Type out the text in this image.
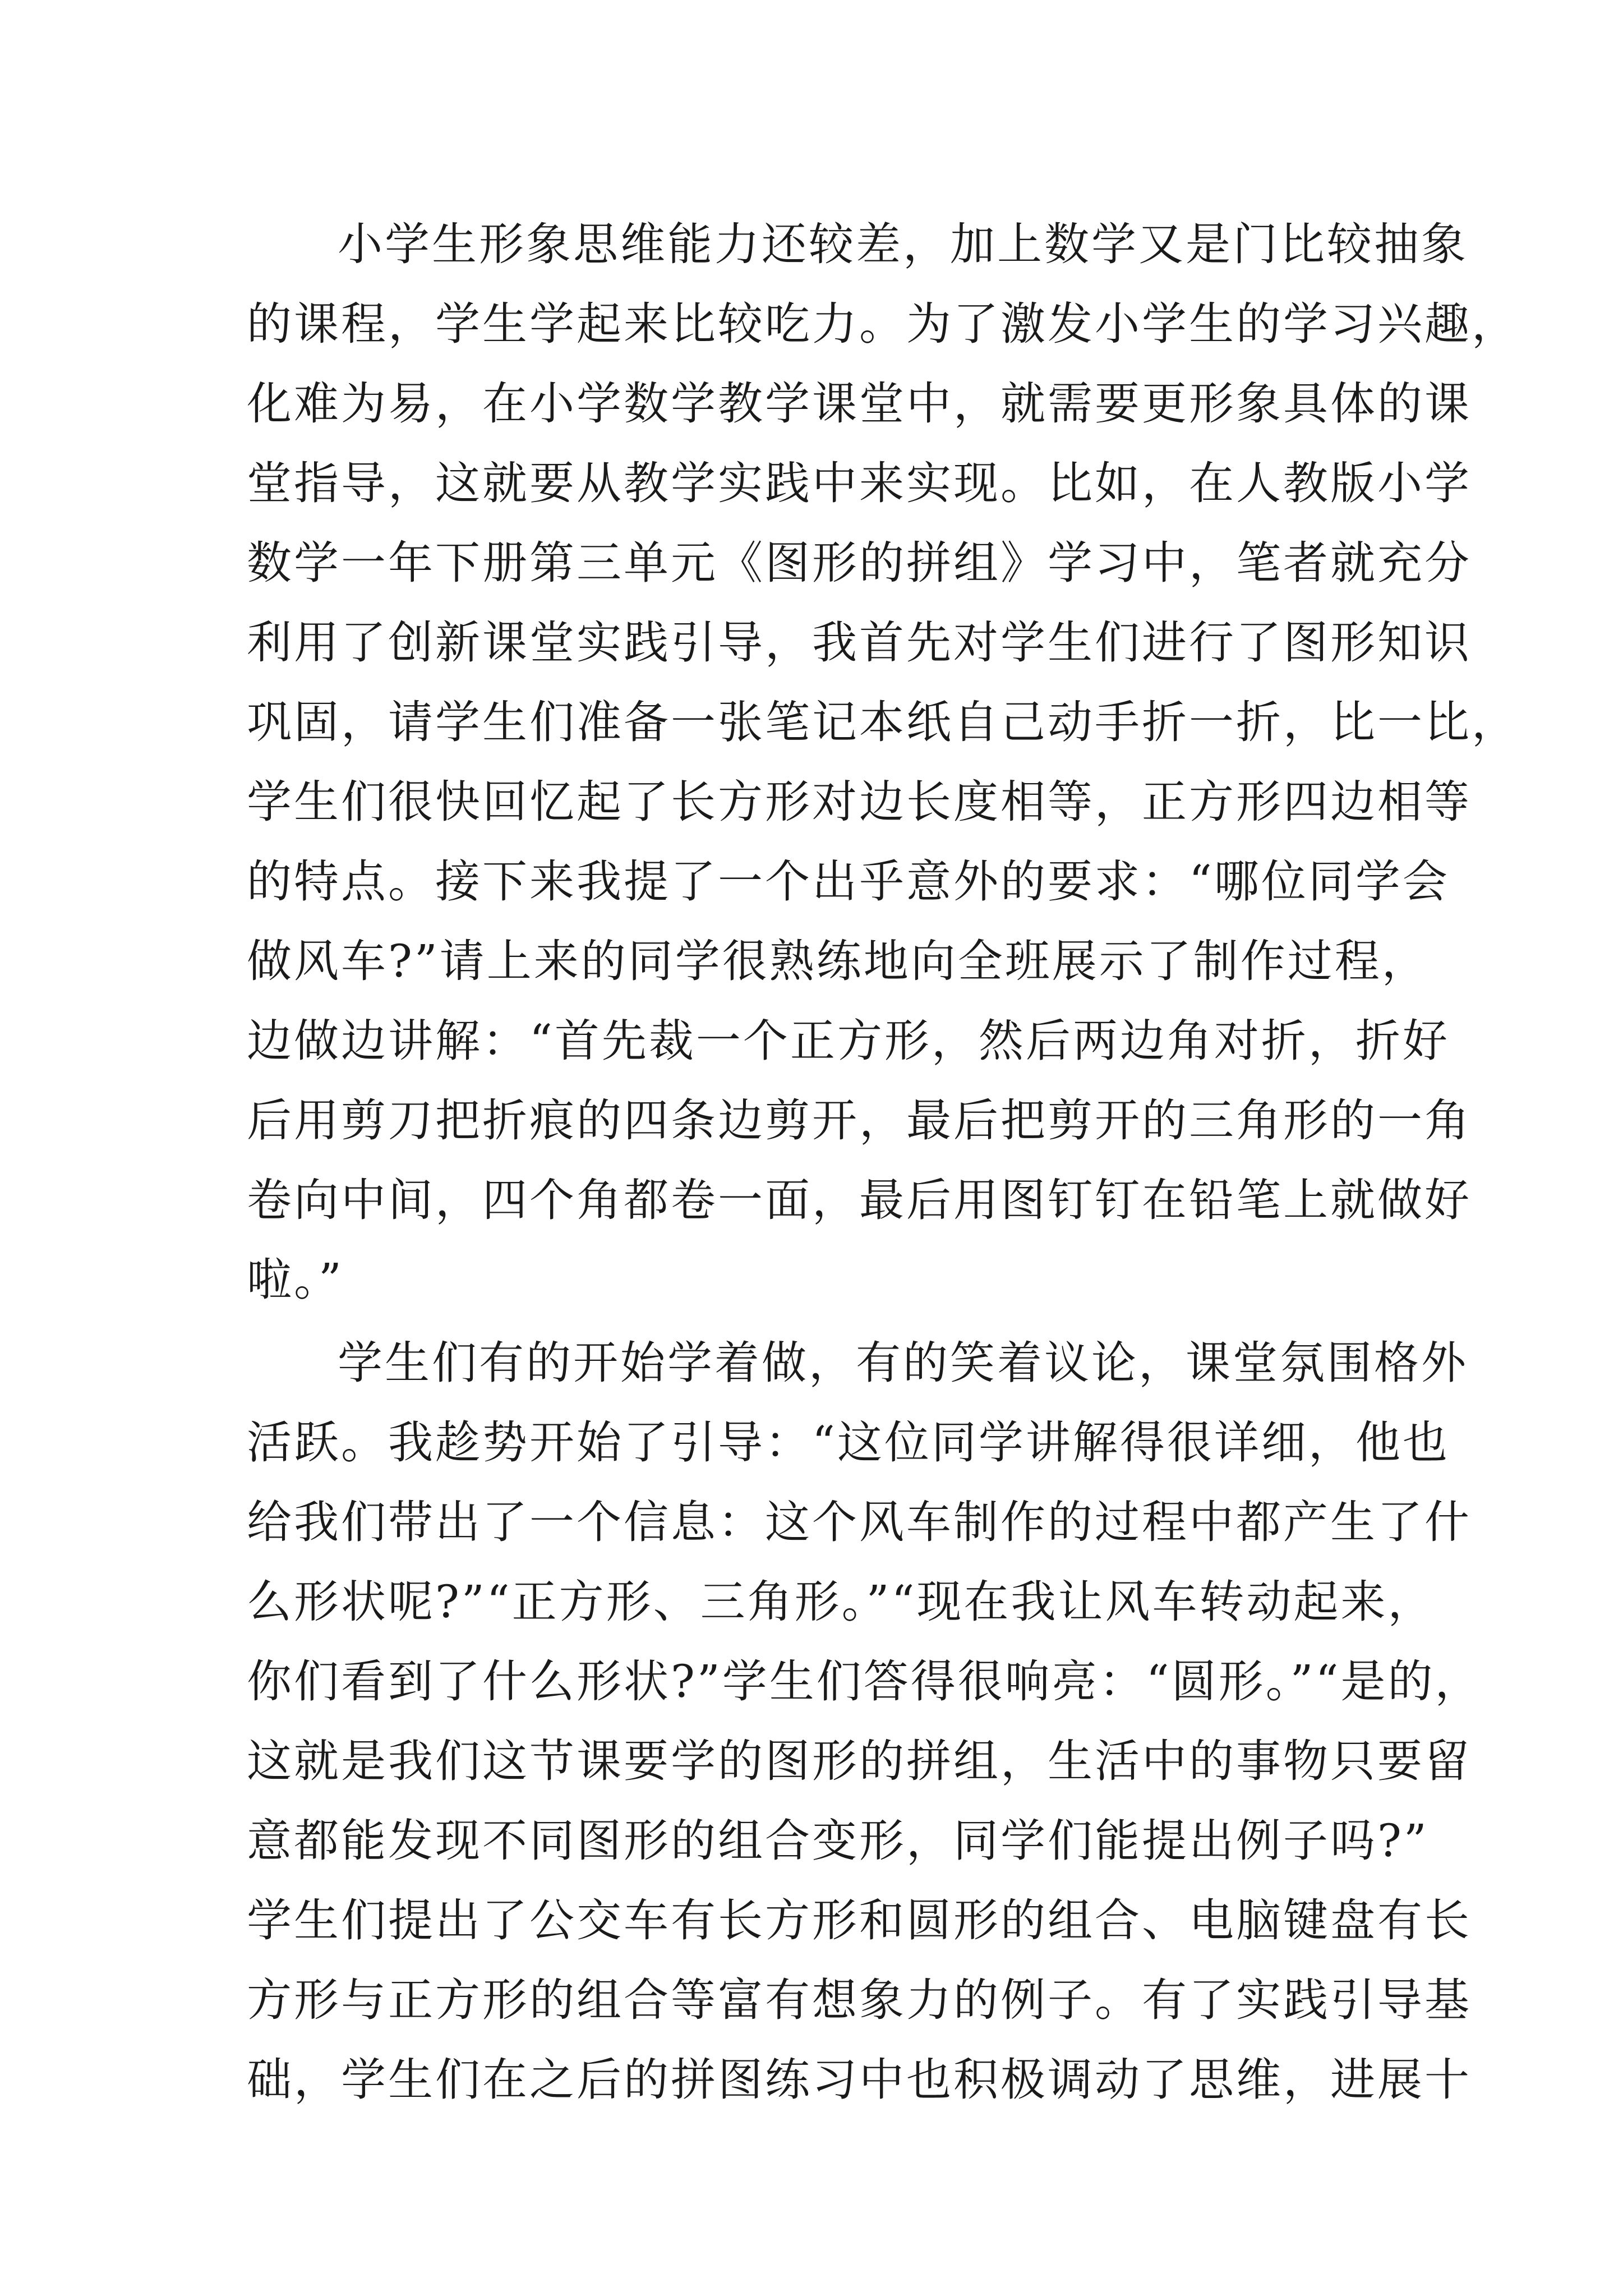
小学生形象思维能力还较差，加上数学又是门比较抽象
的课程，学生学起来比较吃力。为了激发小学生的学习兴趣，
化难为易，在小学数学教学课堂中，就需要更形象具体的课
堂指导，这就要从教学实践中来实现。比如，在人教版小学
数学一年下册第三单元《图形的拼组》学习中，笔者就充分
利用了创新课堂实践引导，我首先对学生们进行了图形知识
巩固，请学生们准备一张笔记本纸自己动手折一折，比一比，
学生们很快回忆起了长方形对边长度相等，正方形四边相等
的特点。接下来我提了一个出乎意外的要求：“哪位同学会
做风车?”请上来的同学很熟练地向全班展示了制作过程，
边做边讲解：“首先裁一个正方形，然后两边角对折，折好
后用剪刀把折痕的四条边剪开，最后把剪开的三角形的一角
卷向中间，四个角都卷一面，最后用图钉钉在铅笔上就做好
啦。”
学生们有的开始学着做，有的笑着议论，课堂氛围格外
活跃。我趁势开始了引导：“这位同学讲解得很详细，他也
给我们带出了一个信息：这个风车制作的过程中都产生了什
么形状呢?”“正方形、三角形。”“现在我让风车转动起来，
你们看到了什么形状?”学生们答得很响亮：“圆形。”“是的，
这就是我们这节课要学的图形的拼组，生活中的事物只要留
意都能发现不同图形的组合变形，同学们能提出例子吗?”
学生们提出了公交车有长方形和圆形的组合、电脑键盘有长
方形与正方形的组合等富有想象力的例子。有了实践引导基
础，学生们在之后的拼图练习中也积极调动了思维，进展十
